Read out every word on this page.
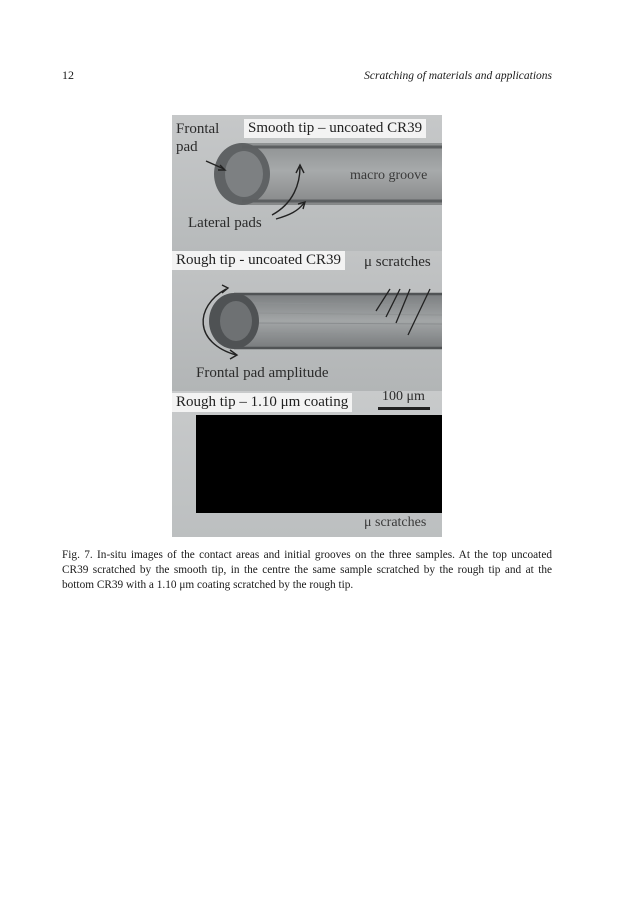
12	Scratching of materials and applications
Smooth tip – uncoated CR39
Frontal
pad
macro groove
Lateral pads
Rough tip - uncoated CR39 μ scratches
Frontal pad amplitude
Rough tip – 1.10 μm coating 100 μm
μ scratches
Fig. 7. In-situ images of the contact areas and initial grooves on the three samples. At the top uncoated CR39 scratched by the smooth tip, in the centre the same sample scratched by the rough tip and at the bottom CR39 with a 1.10 μm coating scratched by the rough tip.
